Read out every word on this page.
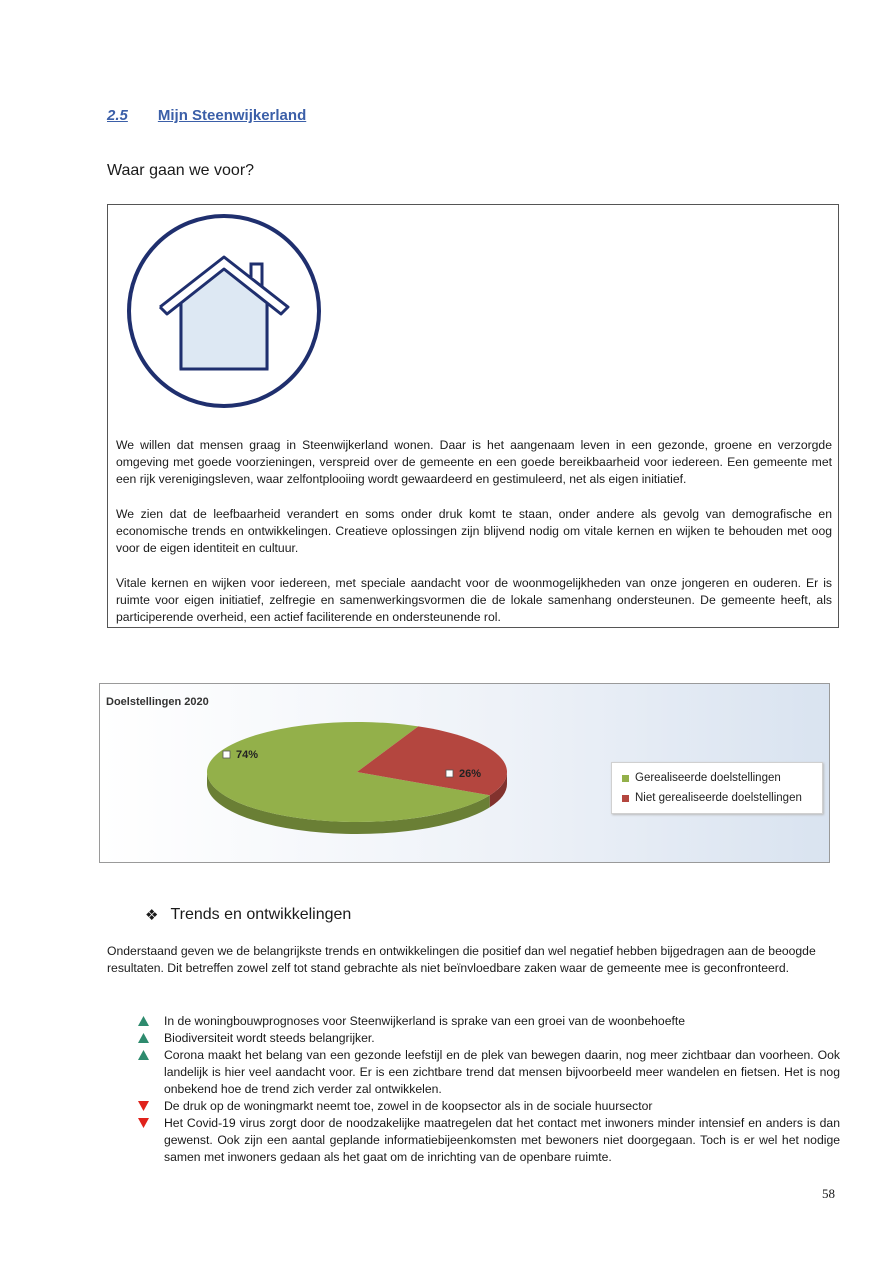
2.5 Mijn Steenwijkerland
Waar gaan we voor?
We willen dat mensen graag in Steenwijkerland wonen. Daar is het aangenaam leven in een gezonde, groene en verzorgde omgeving met goede voorzieningen, verspreid over de gemeente en een goede bereikbaarheid voor iedereen. Een gemeente met een rijk verenigingsleven, waar zelfontplooiing wordt gewaardeerd en gestimuleerd, net als eigen initiatief.
We zien dat de leefbaarheid verandert en soms onder druk komt te staan, onder andere als gevolg van demografische en economische trends en ontwikkelingen. Creatieve oplossingen zijn blijvend nodig om vitale kernen en wijken te behouden met oog voor de eigen identiteit en cultuur.
Vitale kernen en wijken voor iedereen, met speciale aandacht voor de woonmogelijkheden van onze jongeren en ouderen. Er is ruimte voor eigen initiatief, zelfregie en samenwerkingsvormen die de lokale samenhang ondersteunen. De gemeente heeft, als participerende overheid, een actief faciliterende en ondersteunende rol.
Doelstellingen 2020
74%
26%	Gerealiseerde doelstellingen
Niet gerealiseerde doelstellingen
❖ Trends en ontwikkelingen
Onderstaand geven we de belangrijkste trends en ontwikkelingen die positief dan wel negatief hebben bijgedragen aan de beoogde resultaten. Dit betreffen zowel zelf tot stand gebrachte als niet beïnvloedbare zaken waar de gemeente mee is geconfronteerd.
In de woningbouwprognoses voor Steenwijkerland is sprake van een groei van de woonbehoefte
Biodiversiteit wordt steeds belangrijker.
Corona maakt het belang van een gezonde leefstijl en de plek van bewegen daarin, nog meer zichtbaar dan voorheen. Ook landelijk is hier veel aandacht voor. Er is een zichtbare trend dat mensen bijvoorbeeld meer wandelen en fietsen. Het is nog onbekend hoe de trend zich verder zal ontwikkelen.
De druk op de woningmarkt neemt toe, zowel in de koopsector als in de sociale huursector
Het Covid-19 virus zorgt door de noodzakelijke maatregelen dat het contact met inwoners minder intensief en anders is dan gewenst. Ook zijn een aantal geplande informatiebijeenkomsten met bewoners niet doorgegaan. Toch is er wel het nodige samen met inwoners gedaan als het gaat om de inrichting van de openbare ruimte.
58
